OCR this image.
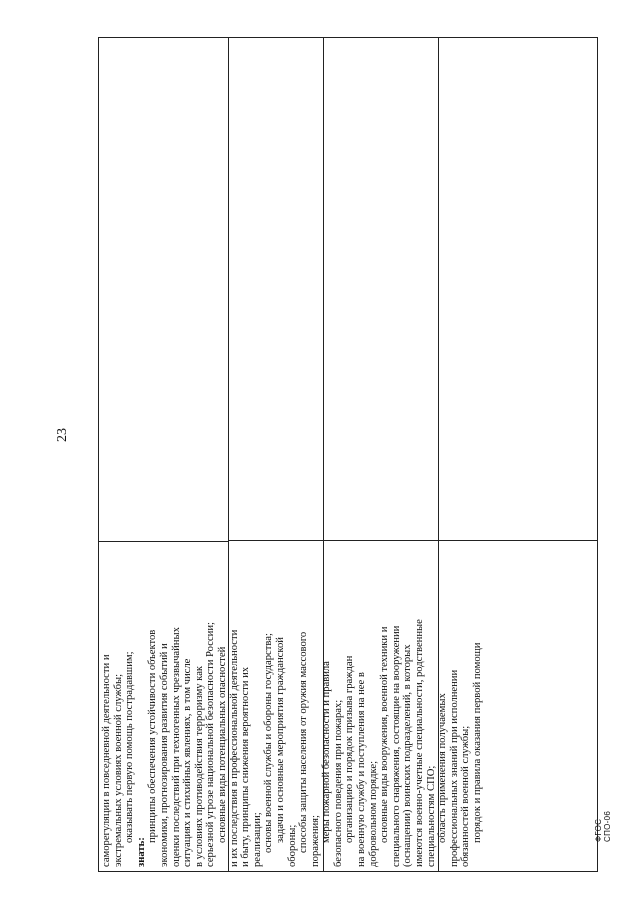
23
саморегуляции в повседневной деятельности и экстремальных условиях военной службы; оказывать первую помощь пострадавшим;
знать:
принципы обеспечения устойчивости объектов экономики, прогнозирования развития событий и оценки последствий при техногенных чрезвычайных ситуациях и стихийных явлениях, в том числе в условиях противодействия терроризму как серьезной угрозе национальной безопасности России; основные виды потенциальных опасностей и их последствия в профессиональной деятельности и быту, принципы снижения вероятности их реализации; основы военной службы и обороны государства; задачи и основные мероприятия гражданской
обороны; способы защиты населения от оружия массового поражения; меры пожарной безопасности и правила безопасного поведения при пожарах; организацию и порядок призыва граждан на военную службу и поступления на нее в добровольном порядке; основные виды вооружения, военной техники и специального снаряжения, состоящие на вооружении (оснащении) воинских подразделений, в которых имеются военно-учетные специальности, родственные специальностям СПО; область применения получаемых профессиональных знаний при исполнении обязанностей военной службы; порядок и правила оказания первой помощи	ФГОС СПО-06
